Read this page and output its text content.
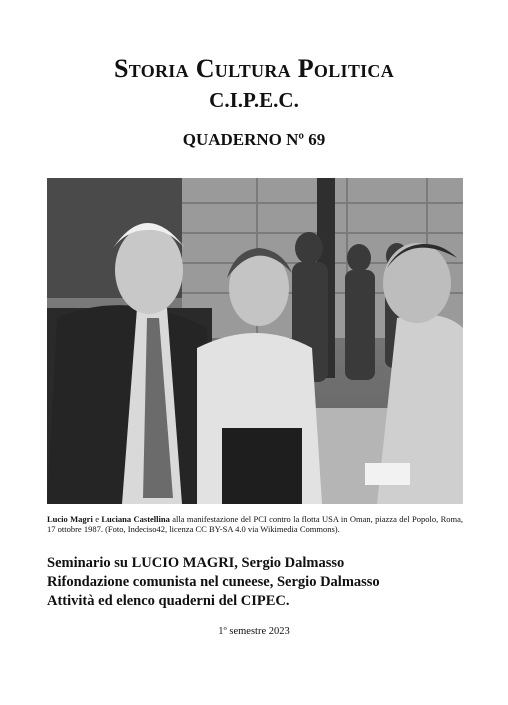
Storia Cultura Politica
C.I.P.E.C.
QUADERNO Nº 69
Lucio Magri e Luciana Castellina alla manifestazione del PCI contro la flotta USA in Oman, piazza del Popolo, Roma, 17 ottobre 1987. (Foto, Indeciso42, licenza CC BY-SA 4.0 via Wikimedia Commons).
Seminario su LUCIO MAGRI, Sergio Dalmasso
Rifondazione comunista nel cuneese, Sergio Dalmasso
Attività ed elenco quaderni del CIPEC.
1º semestre 2023
